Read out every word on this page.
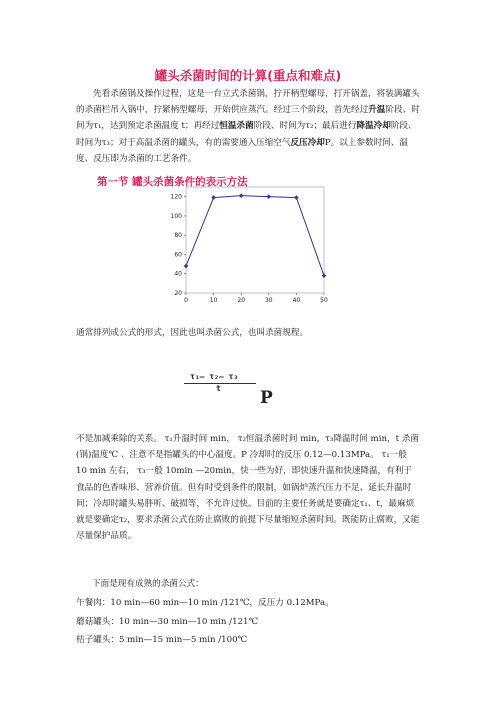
罐头杀菌时间的计算(重点和难点)
先看杀菌锅及操作过程，这是一台立式杀菌锅，拧开柄型螺母，打开锅盖，将装满罐头的杀菌栏吊入锅中，拧紧柄型螺母，开始供应蒸汽。经过三个阶段，首先经过升温阶段、时间为τ₁，达到预定杀菌温度 t；再经过恒温杀菌阶段、时间为τ₂；最后进行降温冷却阶段、时间为τ₃；对于高温杀菌的罐头，有的需要通入压缩空气反压冷却P。以上参数时间、温度、反压即为杀菌的工艺条件。
第一节 罐头杀菌条件的表示方法
20
40
60
80
100
120
0	10	20	30	40	50
通常排列成公式的形式，因此也叫杀菌公式，也叫杀菌规程。
τ₁— τ₂— τ₃
t P
不是加减乘除的关系。 τ₁升温时间 min， τ₂恒温杀菌时间 min，τ₃降温时间 min，t 杀菌(锅)温度℃ 、注意不是指罐头的中心温度。P 冷却时的反压 0.12—0.13MPa。 τ₁一般 10 min 左右， τ₃一般 10min —20min，快一些为好，即快速升温和快速降温，有利于食品的色香味形、营养价值。但有时受到条件的限制，如锅炉蒸汽压力不足、延长升温时间；冷却时罐头易胖听、破损等，不允许过快。目前的主要任务就是要确定τ₁、t，最麻烦就是要确定τ₂，要求杀菌公式在防止腐败的前提下尽量缩短杀菌时间。既能防止腐败，又能尽量保护品质。
下面是现有成熟的杀菌公式：
午餐肉：10 min—60 min—10 min /121℃，反压力 0.12MPa。
蘑菇罐头：10 min—30 min—10 min /121℃
桔子罐头：5 min—15 min—5 min /100℃
